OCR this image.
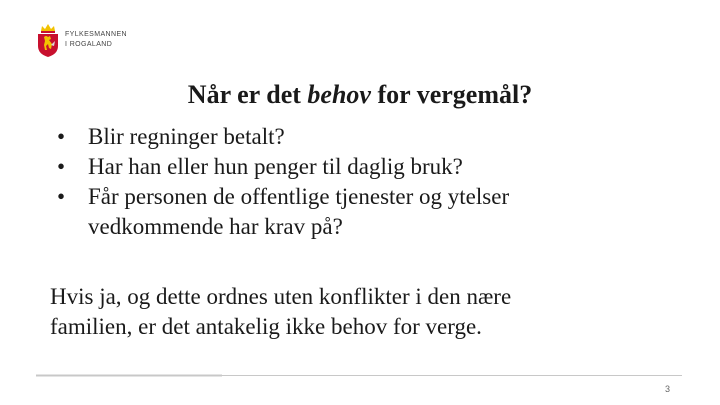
FYLKESMANNEN
I ROGALAND
Når er det behov for vergemål?
• Blir regninger betalt?
• Har han eller hun penger til daglig bruk?
• Får personen de offentlige tjenester og ytelser
vedkommende har krav på?
Hvis ja, og dette ordnes uten konflikter i den nære
familien, er det antakelig ikke behov for verge.
3
